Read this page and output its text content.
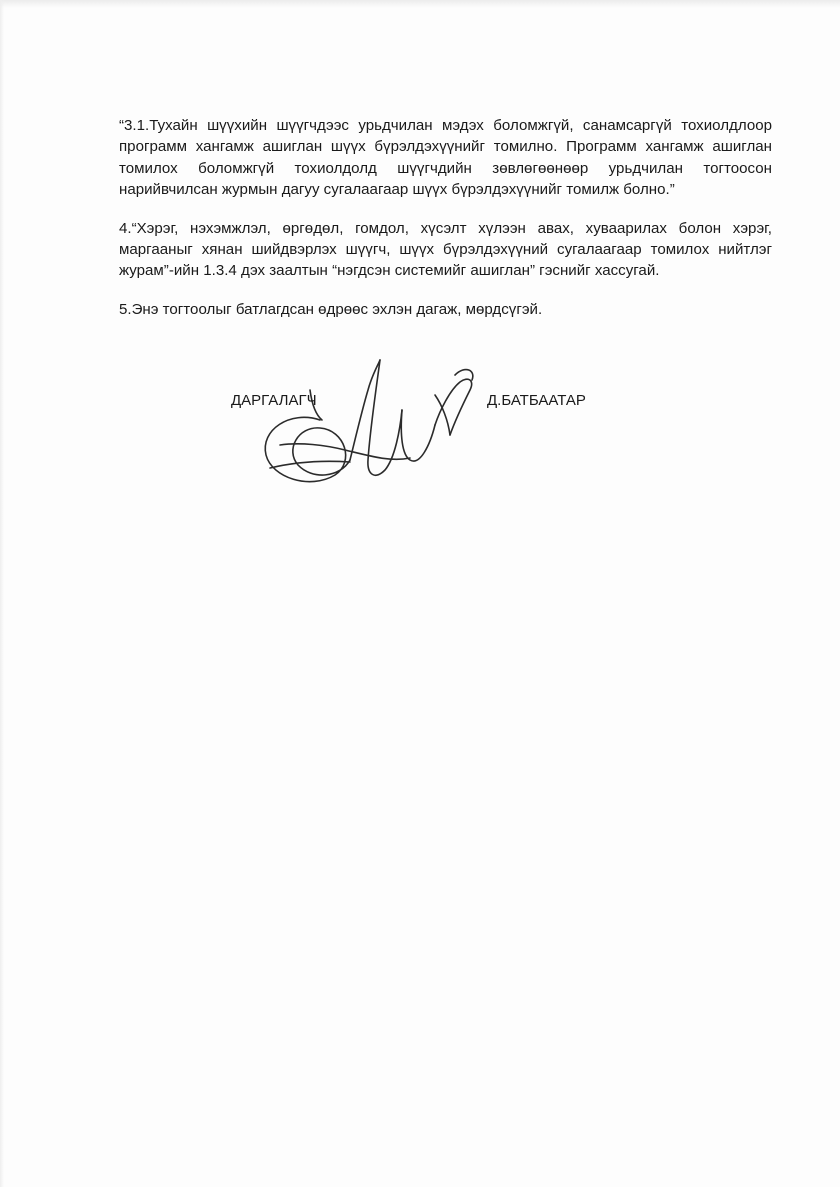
“3.1.Тухайн шүүхийн шүүгчдээс урьдчилан мэдэх боломжгүй, санамсаргүй тохиолдлоор программ хангамж ашиглан шүүх бүрэлдэхүүнийг томилно. Программ хангамж ашиглан томилох боломжгүй тохиолдолд шүүгчдийн зөвлөгөөнөөр урьдчилан тогтоосон нарийвчилсан журмын дагуу сугалаагаар шүүх бүрэлдэхүүнийг томилж болно.”

4.“Хэрэг, нэхэмжлэл, өргөдөл, гомдол, хүсэлт хүлээн авах, хуваарилах болон хэрэг, маргааныг хянан шийдвэрлэх шүүгч, шүүх бүрэлдэхүүний сугалаагаар томилох нийтлэг журам”-ийн 1.3.4 дэх заалтын “нэгдсэн системийг ашиглан” гэснийг хассугай.

5.Энэ тогтоолыг батлагдсан өдрөөс эхлэн дагаж, мөрдсүгэй.

ДАРГАЛАГЧ	Д.БАТБААТАР
